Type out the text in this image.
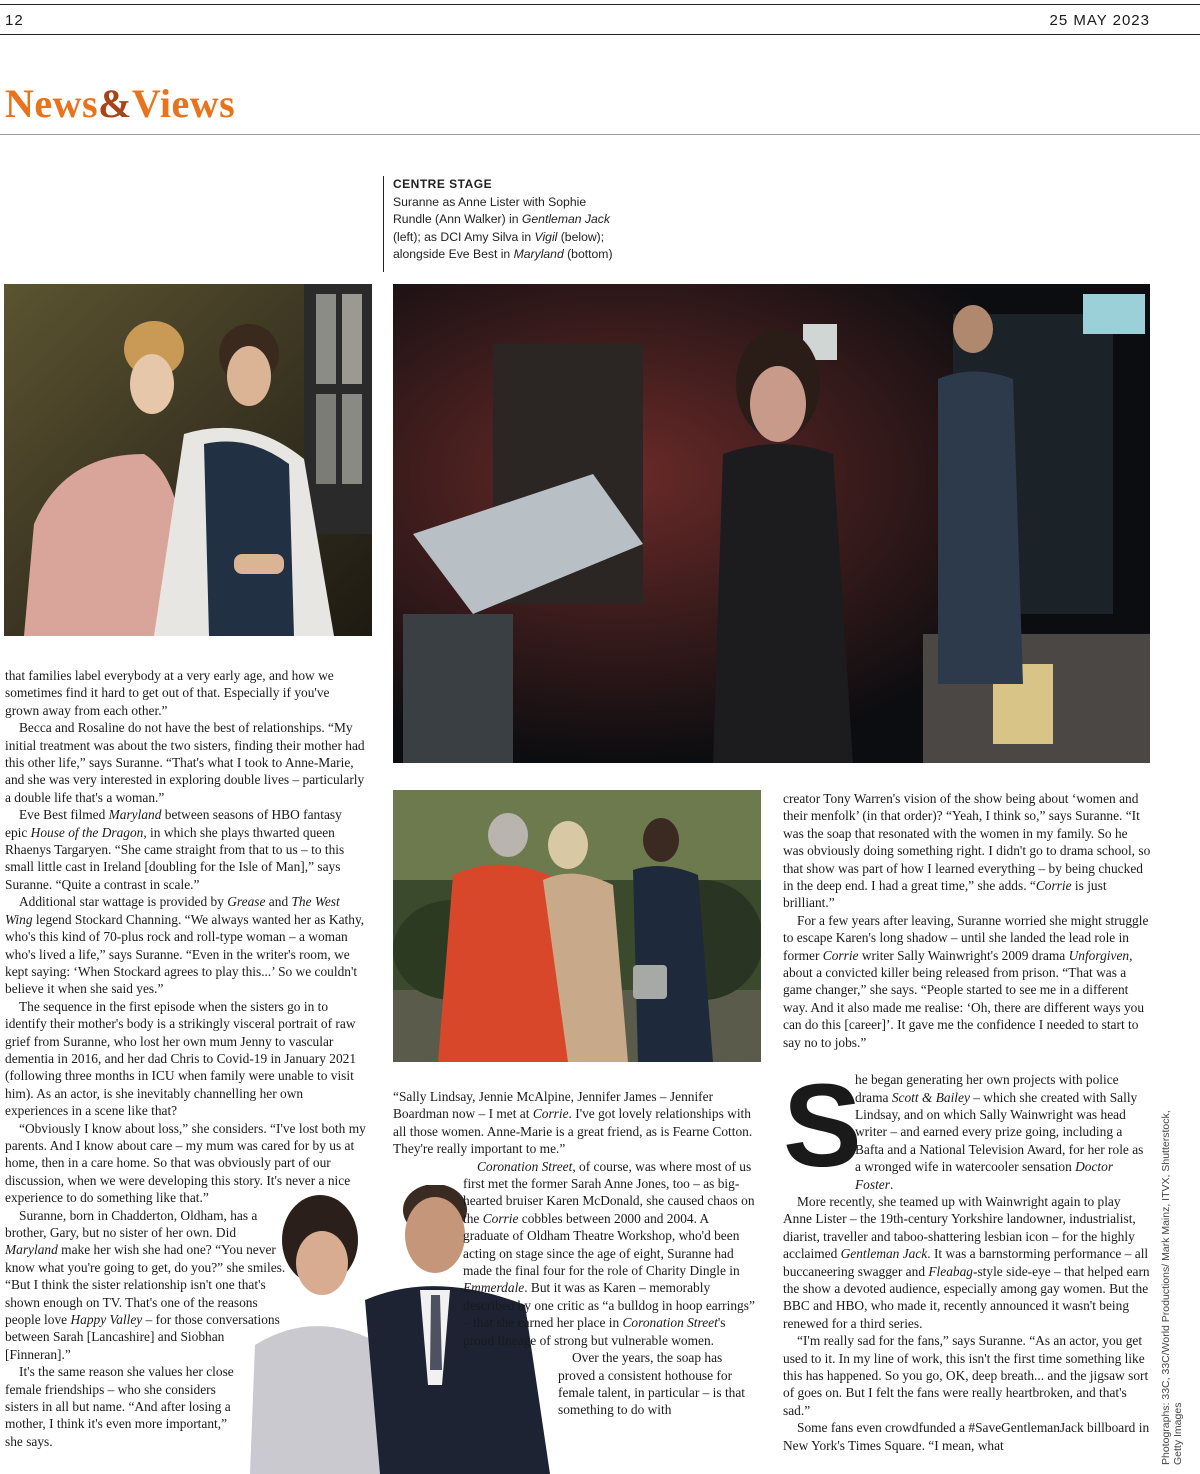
12	25 MAY 2023
News&Views
CENTRE STAGE
Suranne as Anne Lister with Sophie
Rundle (Ann Walker) in Gentleman Jack
(left); as DCI Amy Silva in Vigil (below);
alongside Eve Best in Maryland (bottom)

that families label everybody at a very early age, and how we sometimes find it hard to get out of that. Especially if you've grown away from each other.”

Becca and Rosaline do not have the best of relationships. “My initial treatment was about the two sisters, finding their mother had this other life,” says Suranne. “That's what I took to Anne-Marie, and she was very interested in exploring double lives – particularly a double life that's a woman.”

Eve Best filmed Maryland between seasons of HBO fantasy epic House of the Dragon, in which she plays thwarted queen Rhaenys Targaryen. “She came straight from that to us – to this small little cast in Ireland [doubling for the Isle of Man],” says Suranne. “Quite a contrast in scale.”

Additional star wattage is provided by Grease and The West Wing legend Stockard Channing. “We always wanted her as Kathy, who's this kind of 70-plus rock and roll-type woman – a woman who's lived a life,” says Suranne. “Even in the writer's room, we kept saying: ‘When Stockard agrees to play this...’ So we couldn't believe it when she said yes.”

The sequence in the first episode when the sisters go in to identify their mother's body is a strikingly visceral portrait of raw grief from Suranne, who lost her own mum Jenny to vascular dementia in 2016, and her dad Chris to Covid-19 in January 2021 (following three months in ICU when family were unable to visit him). As an actor, is she inevitably channelling her own experiences in a scene like that?

“Obviously I know about loss,” she considers. “I've lost both my parents. And I know about care – my mum was cared for by us at home, then in a care home. So that was obviously part of our discussion, when we were developing this story. It's never a nice experience to do something like that.”

Suranne, born in Chadderton, Oldham, has a brother, Gary, but no sister of her own. Did Maryland make her wish she had one? “You never know what you're going to get, do you?” she smiles. “But I think the sister relationship isn't one that's shown enough on TV. That's one of the reasons people love Happy Valley – for those conversations between Sarah [Lancashire] and Siobhan [Finneran].”

It's the same reason she values her close female friendships – who she considers sisters in all but name. “And after losing a mother, I think it's even more important,” she says.

“Sally Lindsay, Jennie McAlpine, Jennifer James – Jennifer Boardman now – I met at Corrie. I've got lovely relationships with all those women. Anne-Marie is a great friend, as is Fearne Cotton. They're really important to me.”

Coronation Street, of course, was where most of us first met the former Sarah Anne Jones, too – as big-hearted bruiser Karen McDonald, she caused chaos on the Corrie cobbles between 2000 and 2004. A graduate of Oldham Theatre Workshop, who'd been acting on stage since the age of eight, Suranne had made the final four for the role of Charity Dingle in Emmerdale. But it was as Karen – memorably described by one critic as “a bulldog in hoop earrings” – that she earned her place in Coronation Street's proud lineage of strong but vulnerable women.

Over the years, the soap has proved a consistent hothouse for female talent, in particular – is that something to do with

creator Tony Warren's vision of the show being about ‘women and their menfolk’ (in that order)? “Yeah, I think so,” says Suranne. “It was the soap that resonated with the women in my family. So he was obviously doing something right. I didn't go to drama school, so that show was part of how I learned everything – by being chucked in the deep end. I had a great time,” she adds. “Corrie is just brilliant.”

For a few years after leaving, Suranne worried she might struggle to escape Karen's long shadow – until she landed the lead role in former Corrie writer Sally Wainwright's 2009 drama Unforgiven, about a convicted killer being released from prison. “That was a game changer,” she says. “People started to see me in a different way. And it also made me realise: ‘Oh, there are different ways you can do this [career]’. It gave me the confidence I needed to start to say no to jobs.”

S

he began generating her own projects with police drama Scott & Bailey – which she created with Sally Lindsay, and on which Sally Wainwright was head writer – and earned every prize going, including a Bafta and a National Television Award, for her role as a wronged wife in watercooler sensation Doctor Foster.

More recently, she teamed up with Wainwright again to play Anne Lister – the 19th-century Yorkshire landowner, industrialist, diarist, traveller and taboo-shattering lesbian icon – for the highly acclaimed Gentleman Jack. It was a barnstorming performance – all buccaneering swagger and Fleabag-style side-eye – that helped earn the show a devoted audience, especially among gay women. But the BBC and HBO, who made it, recently announced it wasn't being renewed for a third series.

“I'm really sad for the fans,” says Suranne. “As an actor, you get used to it. In my line of work, this isn't the first time something like this has happened. So you go, OK, deep breath... and the jigsaw sort of goes on. But I felt the fans were really heartbroken, and that's sad.”

Some fans even crowdfunded a #SaveGentlemanJack billboard in New York's Times Square. “I mean, what	Photographs: 33C, 33C/World Productions/ Mark Mainz, ITVX, Shutterstock, Getty Images
